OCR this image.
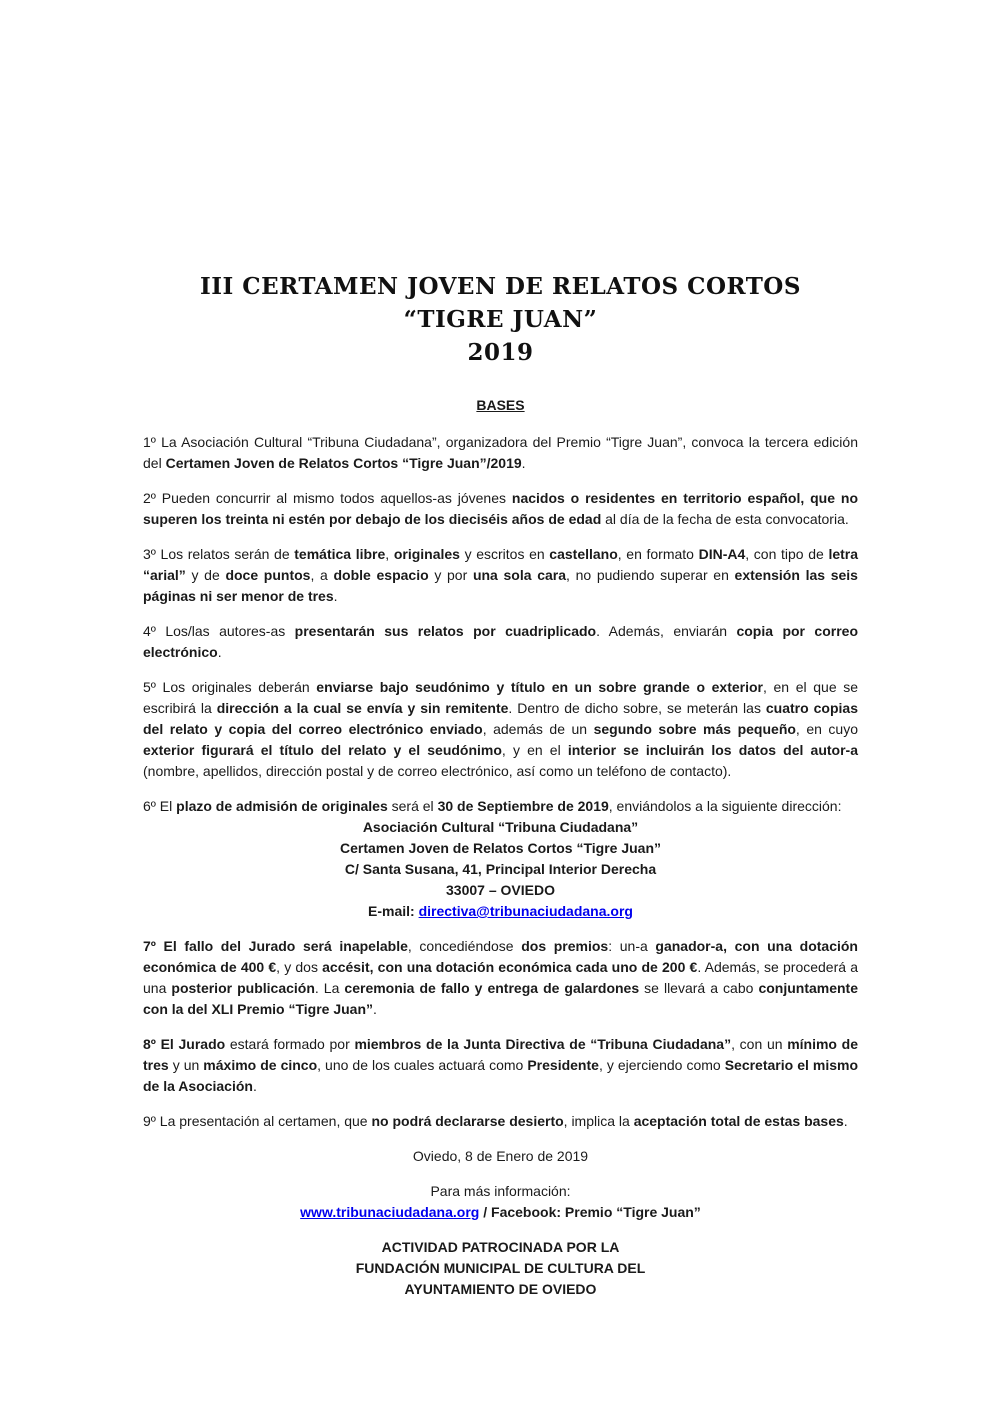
III CERTAMEN JOVEN DE RELATOS CORTOS
“TIGRE JUAN”
2019
BASES

1º La Asociación Cultural “Tribuna Ciudadana”, organizadora del Premio “Tigre Juan”, convoca la tercera edición del Certamen Joven de Relatos Cortos “Tigre Juan”/2019.

2º Pueden concurrir al mismo todos aquellos-as jóvenes nacidos o residentes en territorio español, que no superen los treinta ni estén por debajo de los dieciséis años de edad al día de la fecha de esta convocatoria.

3º Los relatos serán de temática libre, originales y escritos en castellano, en formato DIN-A4, con tipo de letra “arial” y de doce puntos, a doble espacio y por una sola cara, no pudiendo superar en extensión las seis páginas ni ser menor de tres.

4º Los/las autores-as presentarán sus relatos por cuadriplicado. Además, enviarán copia por correo electrónico.

5º Los originales deberán enviarse bajo seudónimo y título en un sobre grande o exterior, en el que se escribirá la dirección a la cual se envía y sin remitente. Dentro de dicho sobre, se meterán las cuatro copias del relato y copia del correo electrónico enviado, además de un segundo sobre más pequeño, en cuyo exterior figurará el título del relato y el seudónimo, y en el interior se incluirán los datos del autor-a (nombre, apellidos, dirección postal y de correo electrónico, así como un teléfono de contacto).

6º El plazo de admisión de originales será el 30 de Septiembre de 2019, enviándolos a la siguiente dirección:

Asociación Cultural “Tribuna Ciudadana”

Certamen Joven de Relatos Cortos “Tigre Juan”

C/ Santa Susana, 41, Principal Interior Derecha

33007 – OVIEDO

E-mail: directiva@tribunaciudadana.org

7º El fallo del Jurado será inapelable, concediéndose dos premios: un-a ganador-a, con una dotación económica de 400 €, y dos accésit, con una dotación económica cada uno de 200 €. Además, se procederá a una posterior publicación. La ceremonia de fallo y entrega de galardones se llevará a cabo conjuntamente con la del XLI Premio “Tigre Juan”.

8º El Jurado estará formado por miembros de la Junta Directiva de “Tribuna Ciudadana”, con un mínimo de tres y un máximo de cinco, uno de los cuales actuará como Presidente, y ejerciendo como Secretario el mismo de la Asociación.

9º La presentación al certamen, que no podrá declararse desierto, implica la aceptación total de estas bases.

Oviedo, 8 de Enero de 2019

Para más información:

www.tribunaciudadana.org / Facebook: Premio “Tigre Juan”

ACTIVIDAD PATROCINADA POR LA

FUNDACIÓN MUNICIPAL DE CULTURA DEL

AYUNTAMIENTO DE OVIEDO
